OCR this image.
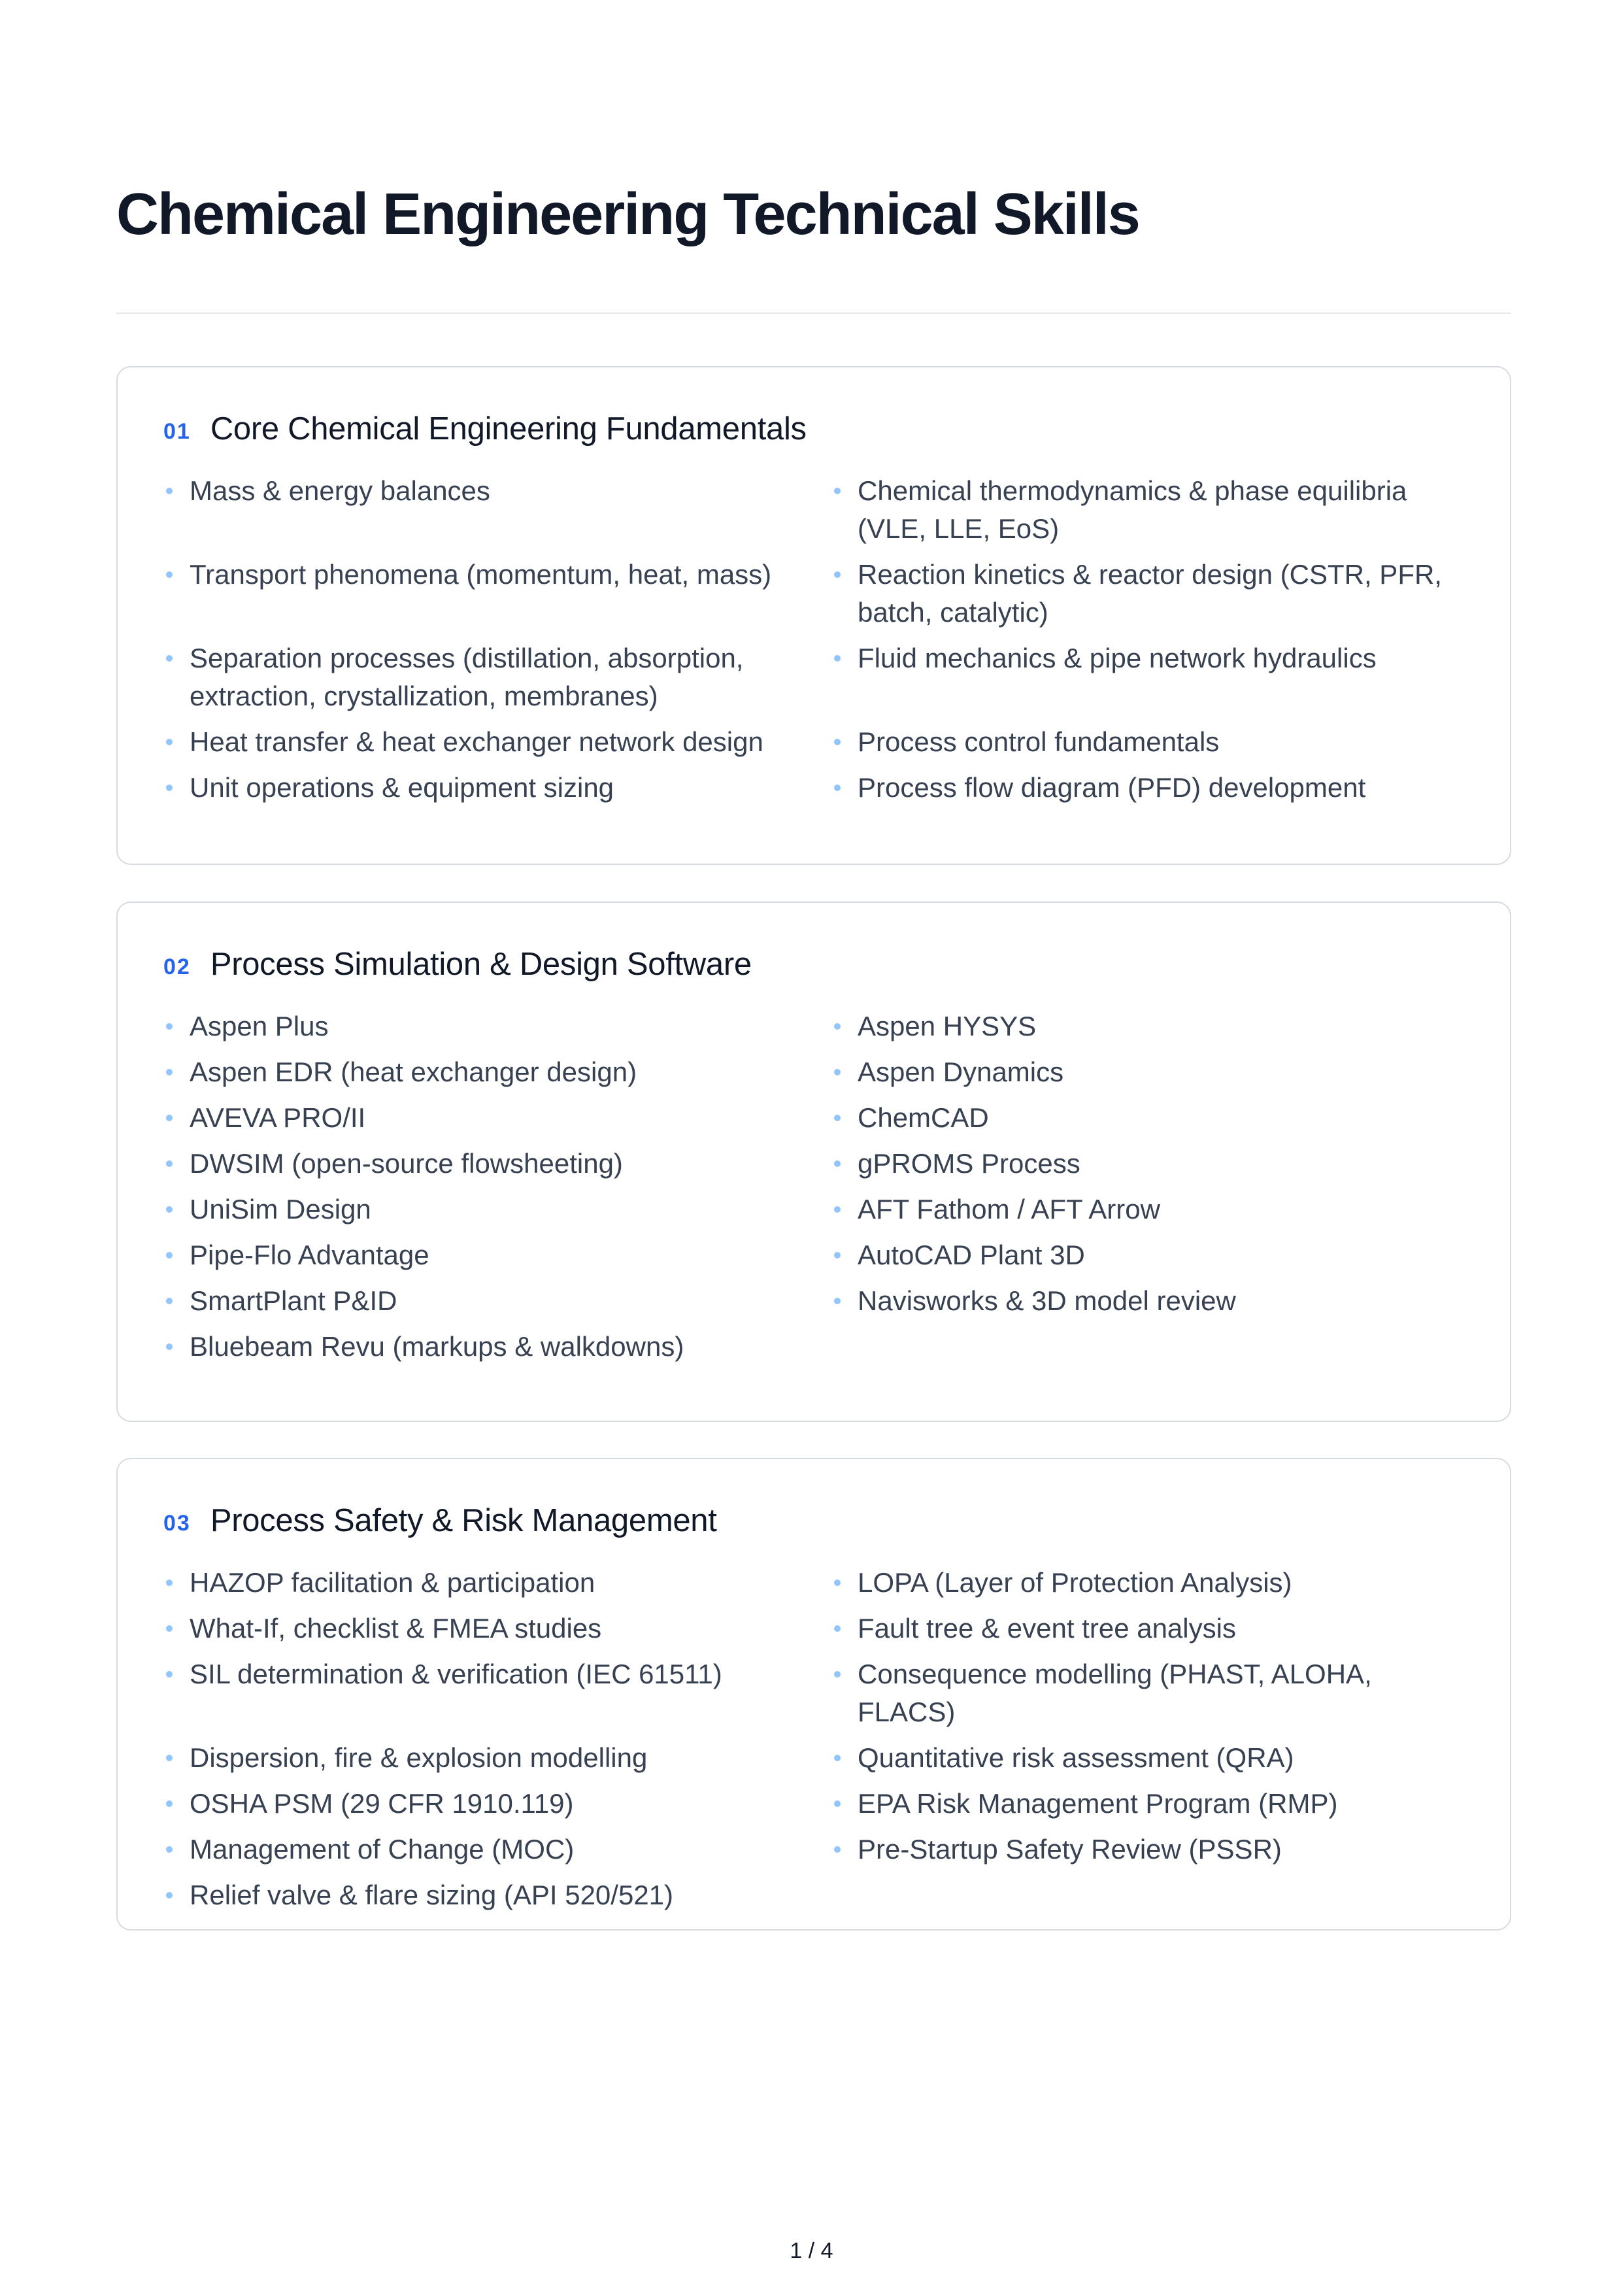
Chemical Engineering Technical Skills
01 Core Chemical Engineering Fundamentals
Mass & energy balances	Chemical thermodynamics & phase equilibria (VLE, LLE, EoS)
Transport phenomena (momentum, heat, mass)	Reaction kinetics & reactor design (CSTR, PFR, batch, catalytic)
Separation processes (distillation, absorption, extraction, crystallization, membranes)
Fluid mechanics & pipe network hydraulics
Heat transfer & heat exchanger network design	Process control fundamentals
Unit operations & equipment sizing	Process flow diagram (PFD) development
02 Process Simulation & Design Software
Aspen Plus	Aspen HYSYS
Aspen EDR (heat exchanger design)	Aspen Dynamics
AVEVA PRO/II	ChemCAD
DWSIM (open-source flowsheeting)	gPROMS Process
UniSim Design	AFT Fathom / AFT Arrow
Pipe-Flo Advantage	AutoCAD Plant 3D
SmartPlant P&ID	Navisworks & 3D model review
Bluebeam Revu (markups & walkdowns)
03 Process Safety & Risk Management
HAZOP facilitation & participation	LOPA (Layer of Protection Analysis)
What-If, checklist & FMEA studies	Fault tree & event tree analysis
SIL determination & verification (IEC 61511)	Consequence modelling (PHAST, ALOHA, FLACS)
Dispersion, fire & explosion modelling	Quantitative risk assessment (QRA)
OSHA PSM (29 CFR 1910.119)	EPA Risk Management Program (RMP)
Management of Change (MOC)	Pre-Startup Safety Review (PSSR)
Relief valve & flare sizing (API 520/521)
1 / 4
